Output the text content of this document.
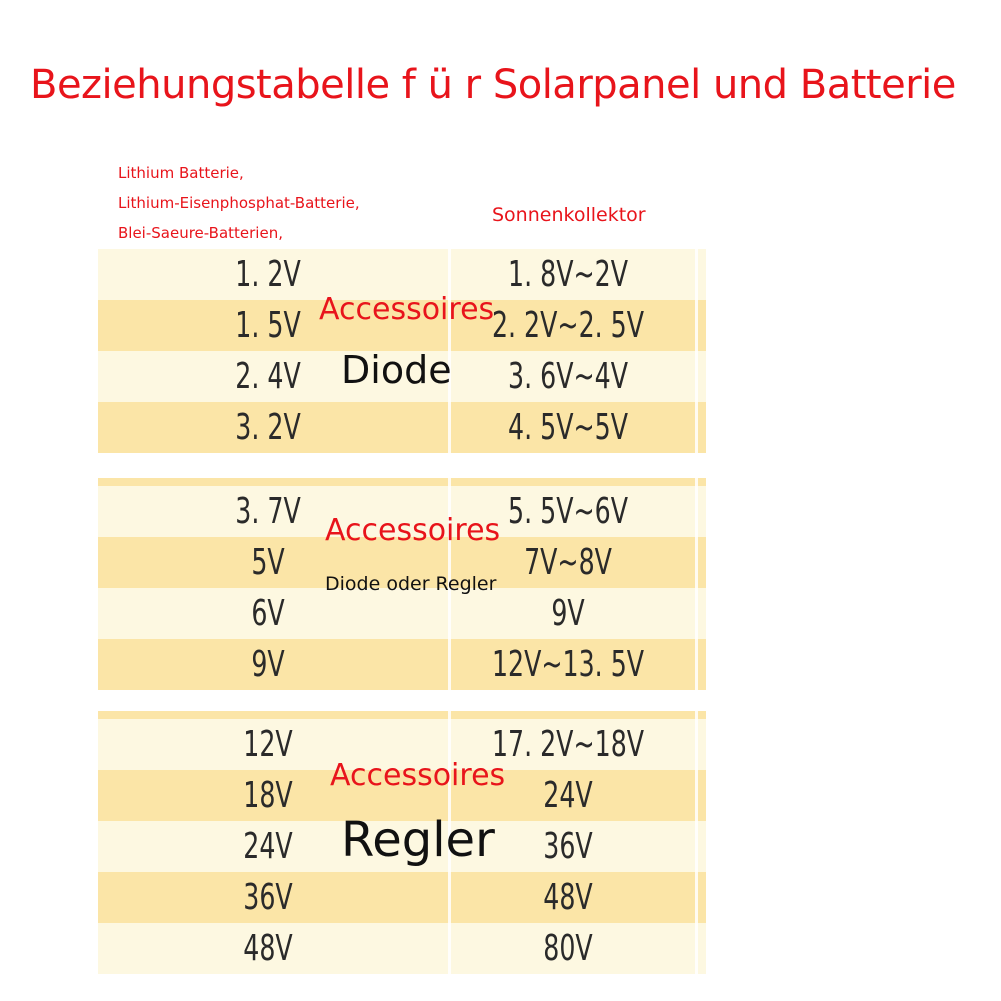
Beziehungstabelle f ü r Solarpanel und Batterie
Lithium Batterie,
Lithium-Eisenphosphat-Batterie,
Blei-Saeure-Batterien,
Sonnenkollektor
1. 2V	1. 8V~2V
1. 5V	2. 2V~2. 5V
2. 4V	3. 6V~4V
3. 2V	4. 5V~5V
3. 7V	5. 5V~6V
5V	7V~8V
6V	9V
9V	12V~13. 5V
12V	17. 2V~18V
18V	24V
24V	36V
36V	48V
48V	80V
Accessoires
Diode
Accessoires
Diode oder Regler
Accessoires
Regler
